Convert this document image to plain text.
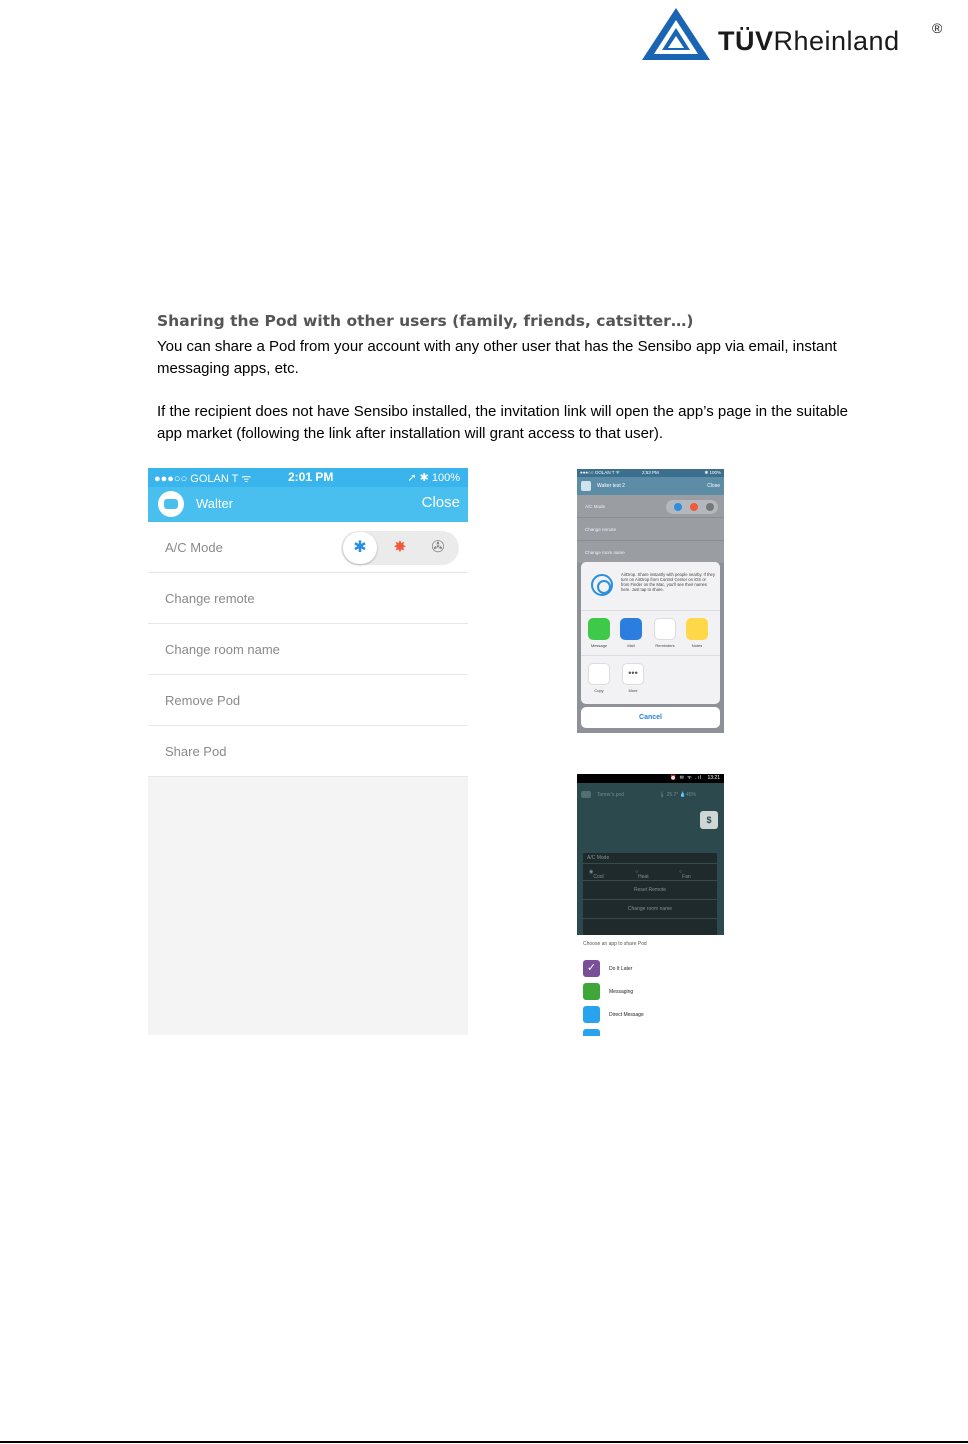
TÜVRheinland ®
Sharing the Pod with other users (family, friends, catsitter…)
You can share a Pod from your account with any other user that has the Sensibo app via email, instant messaging apps, etc.
If the recipient does not have Sensibo installed, the invitation link will open the app’s page in the suitable app market (following the link after installation will grant access to that user).
●●●○○ GOLAN T ᯤ	2:01 PM	➚ ✱ 100%
Walter	Close
A/C Mode	✱ ✸ ✇
Change remote
Change room name
Remove Pod
Share Pod
●●●○○ GOLAN T ᯤ	2:53 PM	✱ 100%
Walter test 2	Close
A/C Mode
Change remote
Change room name
AirDrop. Share instantly with people nearby. If they turn on AirDrop from Control Center on iOS or from Finder on the Mac, you'll see their names here. Just tap to share.
Message	Mail	Reminders	Notes
Copy
•••
More
Cancel
⏰ ✉ ᯤ .ıl 13:21
Tomer's pod	🌡 25.7° 💧45%
$
A/C Mode
◉
Cool
○
Heat
○
Fan
Reset Remote
Change room name
Choose an app to share Pod
✓	Do It Later
Messaging
Direct Message
